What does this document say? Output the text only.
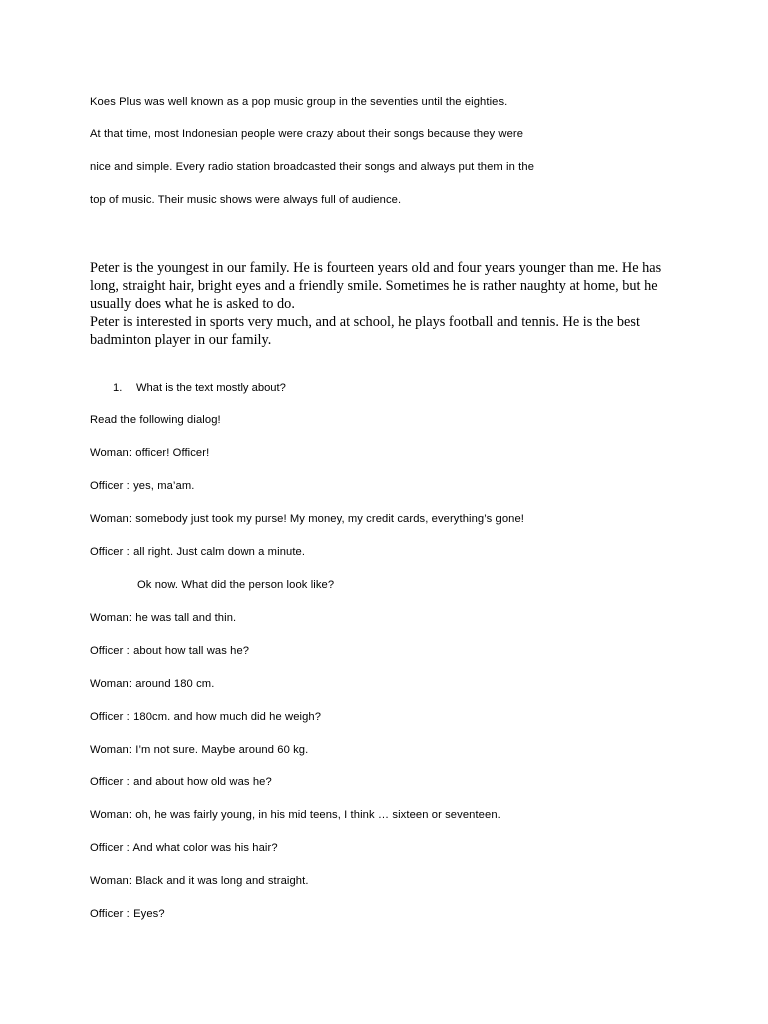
Koes Plus was well known as a pop music group in the seventies until the eighties.
At that time, most Indonesian people were crazy about their songs because they were
nice and simple. Every radio station broadcasted their songs and always put them in the
top of music. Their music shows were always full of audience.

Peter is the youngest in our family. He is fourteen years old and four years younger than me. He has long, straight hair, bright eyes and a friendly smile. Sometimes he is rather naughty at home, but he usually does what he is asked to do.

Peter is interested in sports very much, and at school, he plays football and tennis. He is the best badminton player in our family.

1. What is the text mostly about?
Read the following dialog!
Woman: officer! Officer!
Officer : yes, ma’am.
Woman: somebody just took my purse! My money, my credit cards, everything’s gone!
Officer : all right. Just calm down a minute.
Ok now. What did the person look like?
Woman: he was tall and thin.
Officer : about how tall was he?
Woman: around 180 cm.
Officer : 180cm. and how much did he weigh?
Woman: I’m not sure. Maybe around 60 kg.
Officer : and about how old was he?
Woman: oh, he was fairly young, in his mid teens, I think … sixteen or seventeen.
Officer : And what color was his hair?
Woman: Black and it was long and straight.
Officer : Eyes?
